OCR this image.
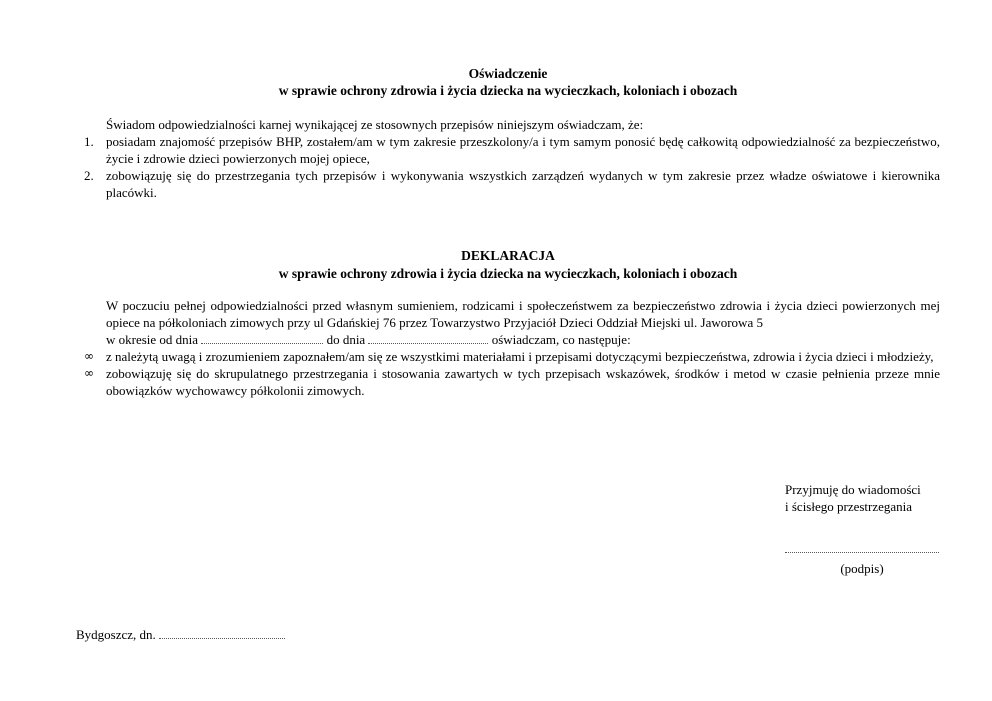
Oświadczenie
w sprawie ochrony zdrowia i życia dziecka na wycieczkach, koloniach i obozach
Świadom odpowiedzialności karnej wynikającej ze stosownych przepisów niniejszym oświadczam, że:
1. posiadam znajomość przepisów BHP, zostałem/am w tym zakresie przeszkolony/a i tym samym ponosić będę całkowitą odpowiedzialność za bezpieczeństwo, życie i zdrowie dzieci powierzonych mojej opiece,
2. zobowiązuję się do przestrzegania tych przepisów i wykonywania wszystkich zarządzeń wydanych w tym zakresie przez władze oświatowe i kierownika placówki.
DEKLARACJA
w sprawie ochrony zdrowia i życia dziecka na wycieczkach, koloniach i obozach
W poczuciu pełnej odpowiedzialności przed własnym sumieniem, rodzicami i społeczeństwem za bezpieczeństwo zdrowia i życia dzieci powierzonych mej opiece na półkoloniach zimowych przy ul Gdańskiej 76 przez Towarzystwo Przyjaciół Dzieci Oddział Miejski ul. Jaworowa 5
w okresie od dnia	do dnia	oświadczam, co następuje:
∞ z należytą uwagą i zrozumieniem zapoznałem/am się ze wszystkimi materiałami i przepisami dotyczącymi bezpieczeństwa, zdrowia i życia dzieci i młodzieży,
∞ zobowiązuję się do skrupulatnego przestrzegania i stosowania zawartych w tych przepisach wskazówek, środków i metod w czasie pełnienia przeze mnie obowiązków wychowawcy półkolonii zimowych.
Przyjmuję do wiadomości
i ścisłego przestrzegania
(podpis)
Bydgoszcz, dn.
